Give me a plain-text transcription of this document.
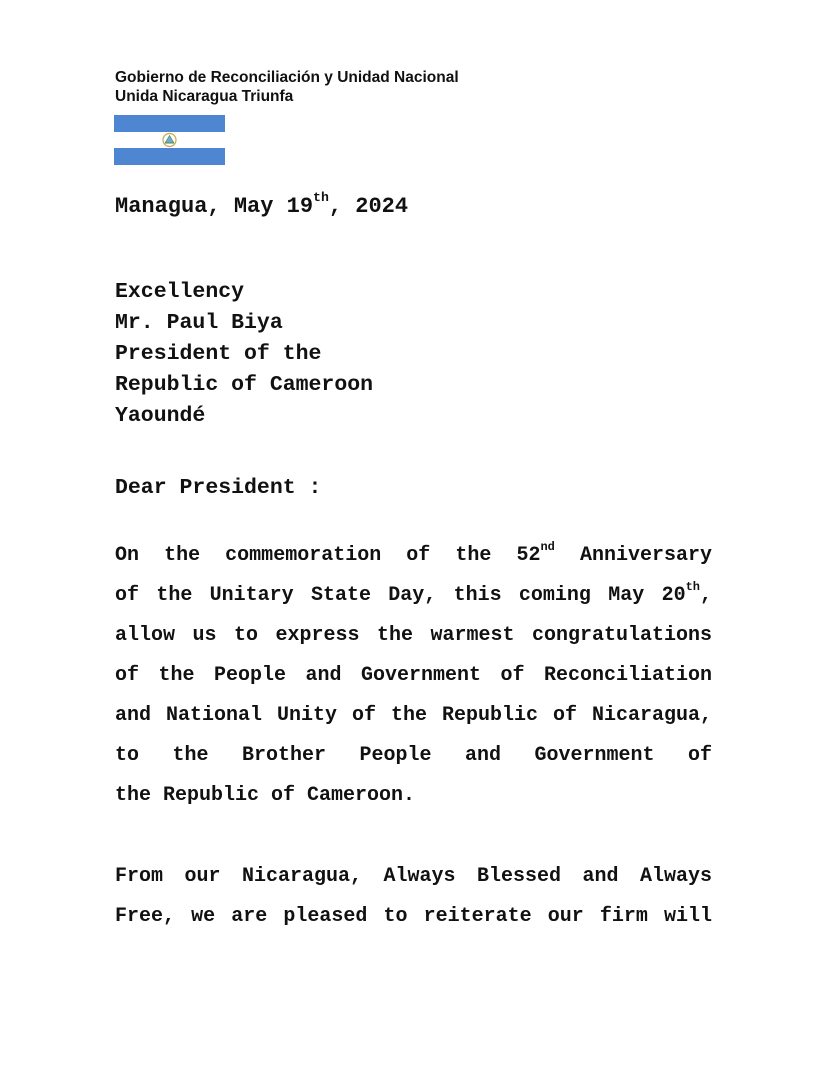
Gobierno de Reconciliación y Unidad Nacional
Unida Nicaragua Triunfa
Managua, May 19th, 2024
Excellency
Mr. Paul Biya
President of the
Republic of Cameroon
Yaoundé
Dear President :
On the commemoration of the 52nd Anniversary
of the Unitary State Day, this coming May 20th,
allow us to express the warmest congratulations
of the People and Government of Reconciliation
and National Unity of the Republic of Nicaragua,
to the Brother People and Government of
the Republic of Cameroon.
From our Nicaragua, Always Blessed and Always
Free, we are pleased to reiterate our firm will
